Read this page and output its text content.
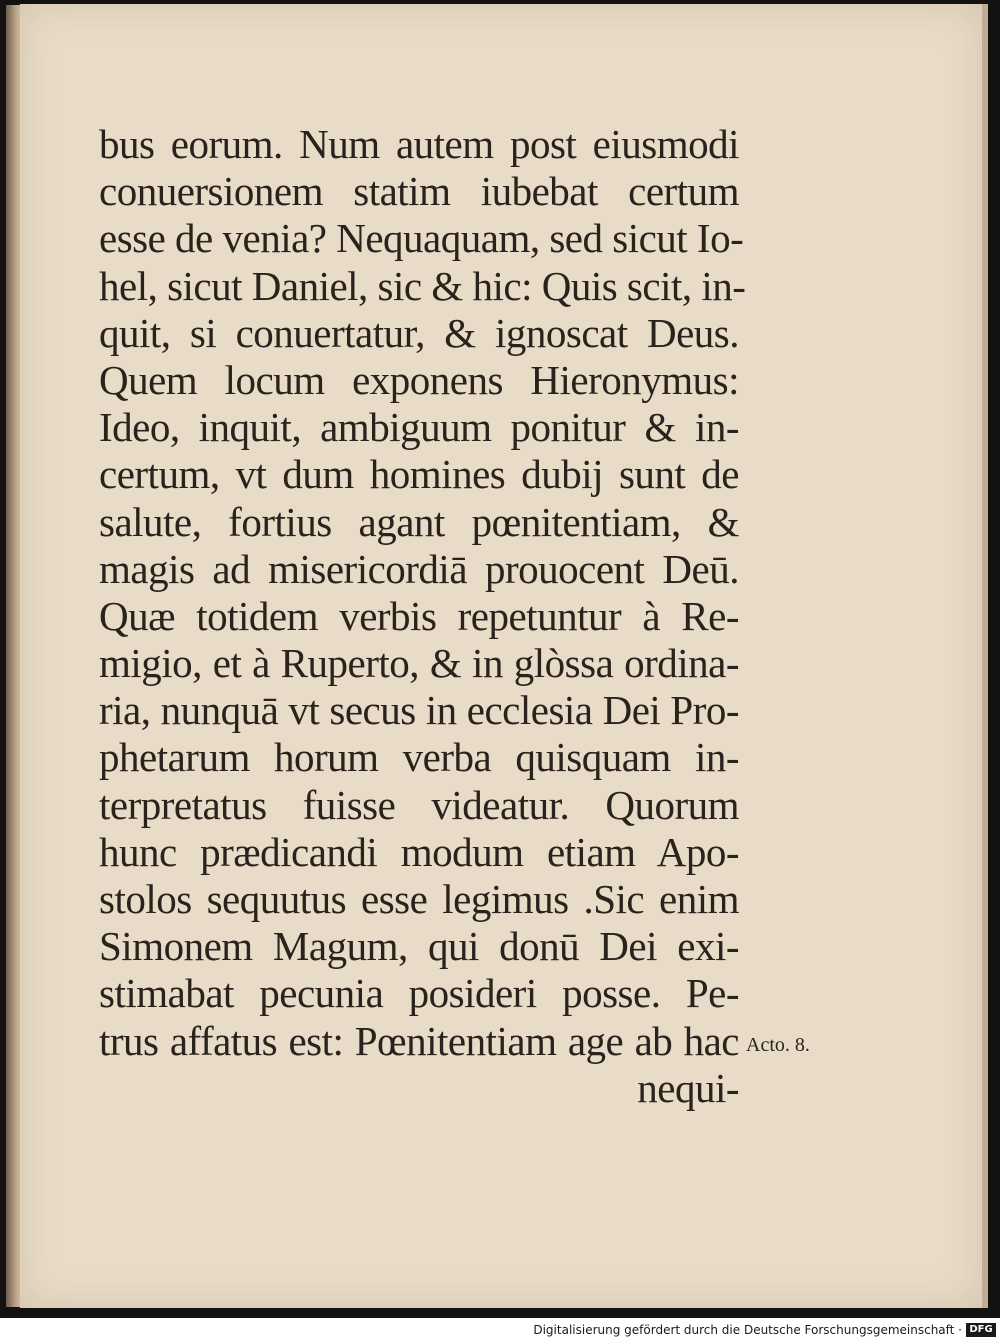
bus eorum. Num autem post eiusmodi
conuersionem statim iubebat certum
esse de venia? Nequaquam, sed sicut Io-
hel, sicut Daniel, sic & hic: Quis scit, in-
quit, si conuertatur, & ignoscat Deus.
Quem locum exponens Hieronymus:
Ideo, inquit, ambiguum ponitur & in-
certum, vt dum homines dubij sunt de
salute, fortius agant pœnitentiam, &
magis ad misericordiā prouocent Deū.
Quæ totidem verbis repetuntur à Re-
migio, et à Ruperto, & in glòssa ordina-
ria, nunquā vt secus in ecclesia Dei Pro-
phetarum horum verba quisquam in-
terpretatus fuisse videatur. Quorum
hunc prædicandi modum etiam Apo-
stolos sequutus esse legimus .Sic enim
Simonem Magum, qui donū Dei exi-
stimabat pecunia posideri posse. Pe-
trus affatus est: Pœnitentiam age ab hac
nequi-
Acto. 8.
Digitalisierung gefördert durch die Deutsche Forschungsgemeinschaft · DFG
